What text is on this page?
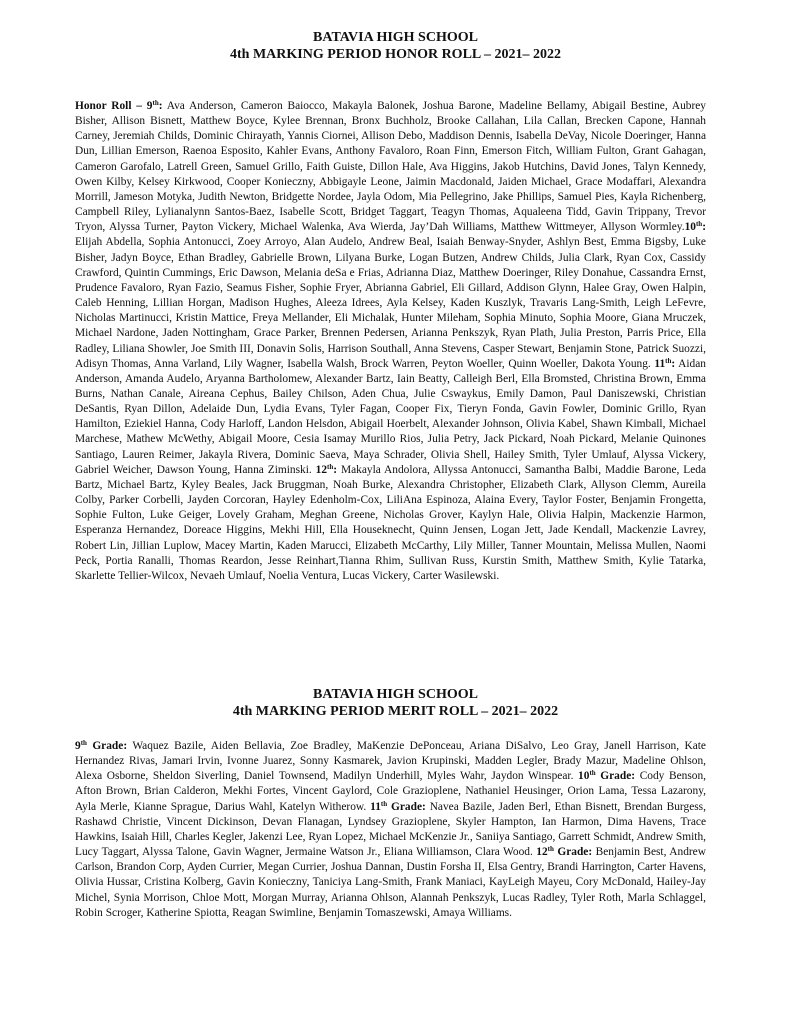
BATAVIA HIGH SCHOOL
4th MARKING PERIOD HONOR ROLL – 2021– 2022
Honor Roll – 9th: Ava Anderson, Cameron Baiocco, Makayla Balonek, Joshua Barone, Madeline Bellamy, Abigail Bestine, Aubrey Bisher, Allison Bisnett, Matthew Boyce, Kylee Brennan, Bronx Buchholz, Brooke Callahan, Lila Callan, Brecken Capone, Hannah Carney, Jeremiah Childs, Dominic Chirayath, Yannis Ciornei, Allison Debo, Maddison Dennis, Isabella DeVay, Nicole Doeringer, Hanna Dun, Lillian Emerson, Raenoa Esposito, Kahler Evans, Anthony Favaloro, Roan Finn, Emerson Fitch, William Fulton, Grant Gahagan, Cameron Garofalo, Latrell Green, Samuel Grillo, Faith Guiste, Dillon Hale, Ava Higgins, Jakob Hutchins, David Jones, Talyn Kennedy, Owen Kilby, Kelsey Kirkwood, Cooper Konieczny, Abbigayle Leone, Jaimin Macdonald, Jaiden Michael, Grace Modaffari, Alexandra Morrill, Jameson Motyka, Judith Newton, Bridgette Nordee, Jayla Odom, Mia Pellegrino, Jake Phillips, Samuel Pies, Kayla Richenberg, Campbell Riley, Lylianalynn Santos-Baez, Isabelle Scott, Bridget Taggart, Teagyn Thomas, Aqualeena Tidd, Gavin Trippany, Trevor Tryon, Alyssa Turner, Payton Vickery, Michael Walenka, Ava Wierda, Jay’Dah Williams, Matthew Wittmeyer, Allyson Wormley.10th: Elijah Abdella, Sophia Antonucci, Zoey Arroyo, Alan Audelo, Andrew Beal, Isaiah Benway-Snyder, Ashlyn Best, Emma Bigsby, Luke Bisher, Jadyn Boyce, Ethan Bradley, Gabrielle Brown, Lilyana Burke, Logan Butzen, Andrew Childs, Julia Clark, Ryan Cox, Cassidy Crawford, Quintin Cummings, Eric Dawson, Melania deSa e Frias, Adrianna Diaz, Matthew Doeringer, Riley Donahue, Cassandra Ernst, Prudence Favaloro, Ryan Fazio, Seamus Fisher, Sophie Fryer, Abrianna Gabriel, Eli Gillard, Addison Glynn, Halee Gray, Owen Halpin, Caleb Henning, Lillian Horgan, Madison Hughes, Aleeza Idrees, Ayla Kelsey, Kaden Kuszlyk, Travaris Lang-Smith, Leigh LeFevre, Nicholas Martinucci, Kristin Mattice, Freya Mellander, Eli Michalak, Hunter Mileham, Sophia Minuto, Sophia Moore, Giana Mruczek, Michael Nardone, Jaden Nottingham, Grace Parker, Brennen Pedersen, Arianna Penkszyk, Ryan Plath, Julia Preston, Parris Price, Ella Radley, Liliana Showler, Joe Smith III, Donavin Solis, Harrison Southall, Anna Stevens, Casper Stewart, Benjamin Stone, Patrick Suozzi, Adisyn Thomas, Anna Varland, Lily Wagner, Isabella Walsh, Brock Warren, Peyton Woeller, Quinn Woeller, Dakota Young. 11th: Aidan Anderson, Amanda Audelo, Aryanna Bartholomew, Alexander Bartz, Iain Beatty, Calleigh Berl, Ella Bromsted, Christina Brown, Emma Burns, Nathan Canale, Aireana Cephus, Bailey Chilson, Aden Chua, Julie Cswaykus, Emily Damon, Paul Daniszewski, Christian DeSantis, Ryan Dillon, Adelaide Dun, Lydia Evans, Tyler Fagan, Cooper Fix, Tieryn Fonda, Gavin Fowler, Dominic Grillo, Ryan Hamilton, Eziekiel Hanna, Cody Harloff, Landon Helsdon, Abigail Hoerbelt, Alexander Johnson, Olivia Kabel, Shawn Kimball, Michael Marchese, Mathew McWethy, Abigail Moore, Cesia Isamay Murillo Rios, Julia Petry, Jack Pickard, Noah Pickard, Melanie Quinones Santiago, Lauren Reimer, Jakayla Rivera, Dominic Saeva, Maya Schrader, Olivia Shell, Hailey Smith, Tyler Umlauf, Alyssa Vickery, Gabriel Weicher, Dawson Young, Hanna Ziminski. 12th: Makayla Andolora, Allyssa Antonucci, Samantha Balbi, Maddie Barone, Leda Bartz, Michael Bartz, Kyley Beales, Jack Bruggman, Noah Burke, Alexandra Christopher, Elizabeth Clark, Allyson Clemm, Aureila Colby, Parker Corbelli, Jayden Corcoran, Hayley Edenholm-Cox, LiliAna Espinoza, Alaina Every, Taylor Foster, Benjamin Frongetta, Sophie Fulton, Luke Geiger, Lovely Graham, Meghan Greene, Nicholas Grover, Kaylyn Hale, Olivia Halpin, Mackenzie Harmon, Esperanza Hernandez, Doreace Higgins, Mekhi Hill, Ella Houseknecht, Quinn Jensen, Logan Jett, Jade Kendall, Mackenzie Lavrey, Robert Lin, Jillian Luplow, Macey Martin, Kaden Marucci, Elizabeth McCarthy, Lily Miller, Tanner Mountain, Melissa Mullen, Naomi Peck, Portia Ranalli, Thomas Reardon, Jesse Reinhart,Tianna Rhim, Sullivan Russ, Kurstin Smith, Matthew Smith, Kylie Tatarka, Skarlette Tellier-Wilcox, Nevaeh Umlauf, Noelia Ventura, Lucas Vickery, Carter Wasilewski.
BATAVIA HIGH SCHOOL
4th MARKING PERIOD MERIT ROLL – 2021– 2022
9th Grade: Waquez Bazile, Aiden Bellavia, Zoe Bradley, MaKenzie DePonceau, Ariana DiSalvo, Leo Gray, Janell Harrison, Kate Hernandez Rivas, Jamari Irvin, Ivonne Juarez, Sonny Kasmarek, Javion Krupinski, Madden Legler, Brady Mazur, Madeline Ohlson, Alexa Osborne, Sheldon Siverling, Daniel Townsend, Madilyn Underhill, Myles Wahr, Jaydon Winspear. 10th Grade: Cody Benson, Afton Brown, Brian Calderon, Mekhi Fortes, Vincent Gaylord, Cole Grazioplene, Nathaniel Heusinger, Orion Lama, Tessa Lazarony, Ayla Merle, Kianne Sprague, Darius Wahl, Katelyn Witherow. 11th Grade: Navea Bazile, Jaden Berl, Ethan Bisnett, Brendan Burgess, Rashawd Christie, Vincent Dickinson, Devan Flanagan, Lyndsey Grazioplene, Skyler Hampton, Ian Harmon, Dima Havens, Trace Hawkins, Isaiah Hill, Charles Kegler, Jakenzi Lee, Ryan Lopez, Michael McKenzie Jr., Saniiya Santiago, Garrett Schmidt, Andrew Smith, Lucy Taggart, Alyssa Talone, Gavin Wagner, Jermaine Watson Jr., Eliana Williamson, Clara Wood. 12th Grade: Benjamin Best, Andrew Carlson, Brandon Corp, Ayden Currier, Megan Currier, Joshua Dannan, Dustin Forsha II, Elsa Gentry, Brandi Harrington, Carter Havens, Olivia Hussar, Cristina Kolberg, Gavin Konieczny, Taniciya Lang-Smith, Frank Maniaci, KayLeigh Mayeu, Cory McDonald, Hailey-Jay Michel, Synia Morrison, Chloe Mott, Morgan Murray, Arianna Ohlson, Alannah Penkszyk, Lucas Radley, Tyler Roth, Marla Schlaggel, Robin Scroger, Katherine Spiotta, Reagan Swimline, Benjamin Tomaszewski, Amaya Williams.
